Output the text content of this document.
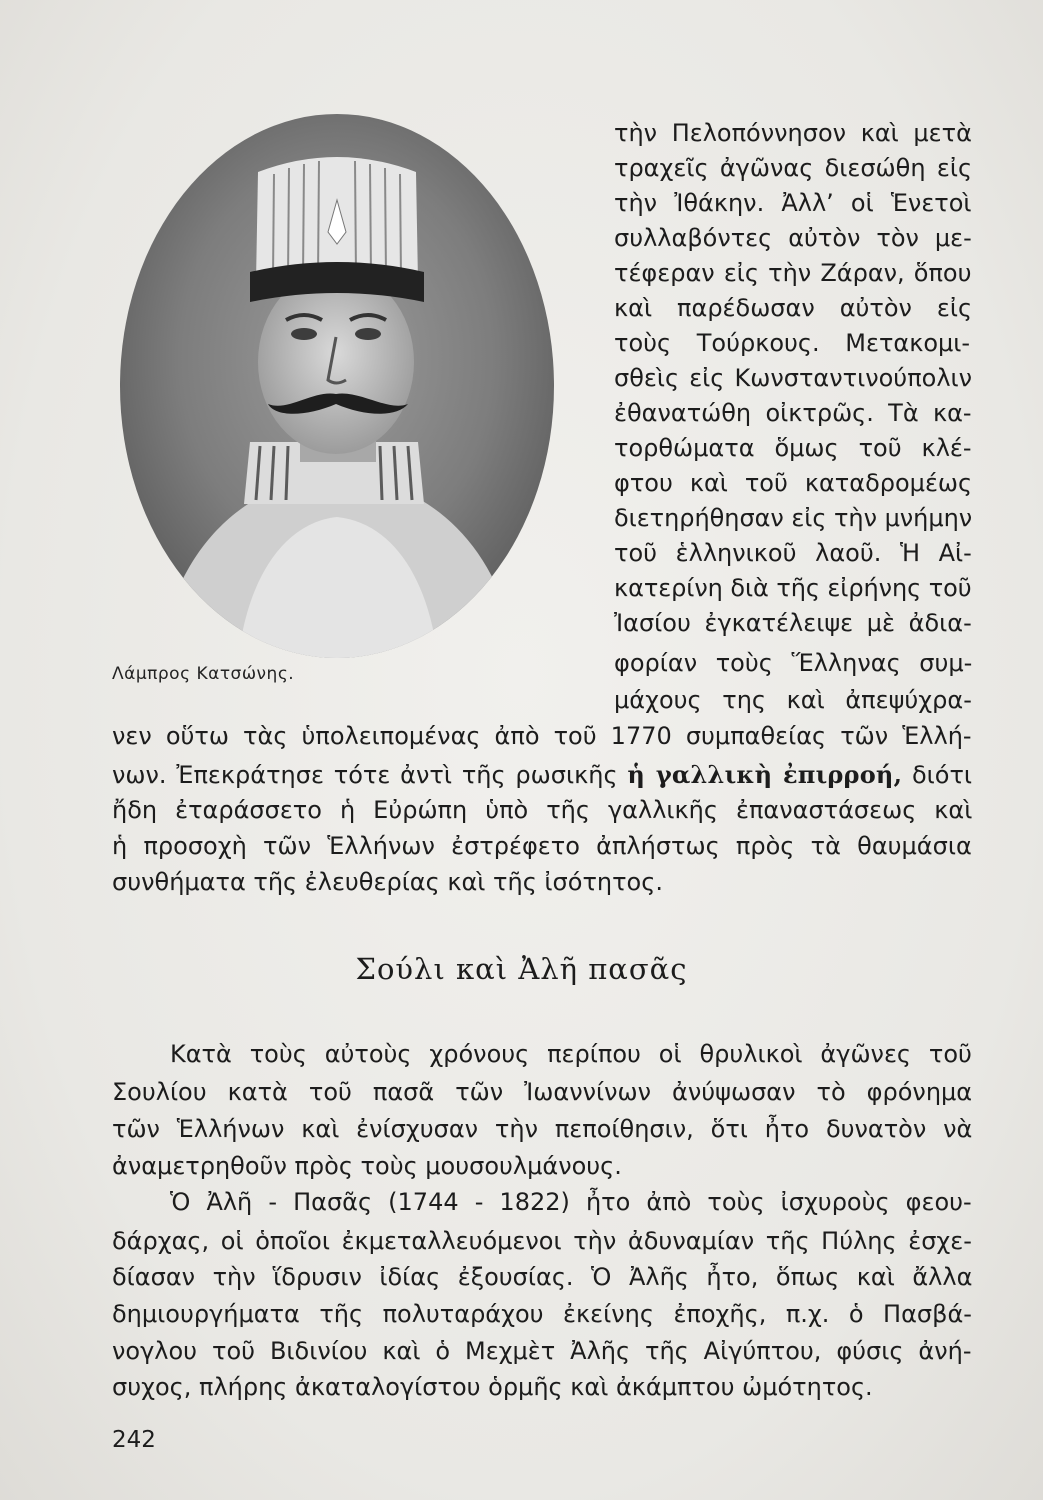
Λάμπρος Κατσώνης.
τὴν Πελοπόννησον καὶ μετὰ
τραχεῖς ἀγῶνας διεσώθη εἰς
τὴν Ἰθάκην. Ἀλλ’ οἱ Ἑνετοὶ
συλλαβόντες αὐτὸν τὸν με-
τέφεραν εἰς τὴν Ζάραν, ὅπου
καὶ παρέδωσαν αὐτὸν εἰς
τοὺς Τούρκους. Μετακομι-
σθεὶς εἰς Κωνσταντινούπολιν
ἐθανατώθη οἰκτρῶς. Τὰ κα-
τορθώματα ὅμως τοῦ κλέ-
φτου καὶ τοῦ καταδρομέως
διετηρήθησαν εἰς τὴν μνήμην
τοῦ ἑλληνικοῦ λαοῦ. Ἡ Αἰ-
κατερίνη διὰ τῆς εἰρήνης τοῦ
Ἰασίου ἐγκατέλειψε μὲ ἀδια-
φορίαν τοὺς Ἕλληνας συμ-
μάχους της καὶ ἀπεψύχρα-
νεν οὕτω τὰς ὑπολειπομένας ἀπὸ τοῦ 1770 συμπαθείας τῶν Ἑλλή-
νων. Ἐπεκράτησε τότε ἀντὶ τῆς ρωσικῆς ἡ γαλλικὴ ἐπιρροή, διότι
ἤδη ἐταράσσετο ἡ Εὐρώπη ὑπὸ τῆς γαλλικῆς ἐπαναστάσεως καὶ
ἡ προσοχὴ τῶν Ἑλλήνων ἐστρέφετο ἀπλήστως πρὸς τὰ θαυμάσια
συνθήματα τῆς ἐλευθερίας καὶ τῆς ἰσότητος.
Σούλι καὶ Ἀλῆ πασᾶς
Κατὰ τοὺς αὐτοὺς χρόνους περίπου οἱ θρυλικοὶ ἀγῶνες τοῦ
Σουλίου κατὰ τοῦ πασᾶ τῶν Ἰωαννίνων ἀνύψωσαν τὸ φρόνημα
τῶν Ἑλλήνων καὶ ἐνίσχυσαν τὴν πεποίθησιν, ὅτι ἦτο δυνατὸν νὰ
ἀναμετρηθοῦν πρὸς τοὺς μουσουλμάνους.
Ὁ Ἀλῆ - Πασᾶς (1744 - 1822) ἦτο ἀπὸ τοὺς ἰσχυροὺς φεου-
δάρχας, οἱ ὁποῖοι ἐκμεταλλευόμενοι τὴν ἀδυναμίαν τῆς Πύλης ἐσχε-
δίασαν τὴν ἵδρυσιν ἰδίας ἐξουσίας. Ὁ Ἀλῆς ἦτο, ὅπως καὶ ἄλλα
δημιουργήματα τῆς πολυταράχου ἐκείνης ἐποχῆς, π.χ. ὁ Πασβά-
νογλου τοῦ Βιδινίου καὶ ὁ Μεχμὲτ Ἀλῆς τῆς Αἰγύπτου, φύσις ἀνή-
συχος, πλήρης ἀκαταλογίστου ὁρμῆς καὶ ἀκάμπτου ὠμότητος.
242
